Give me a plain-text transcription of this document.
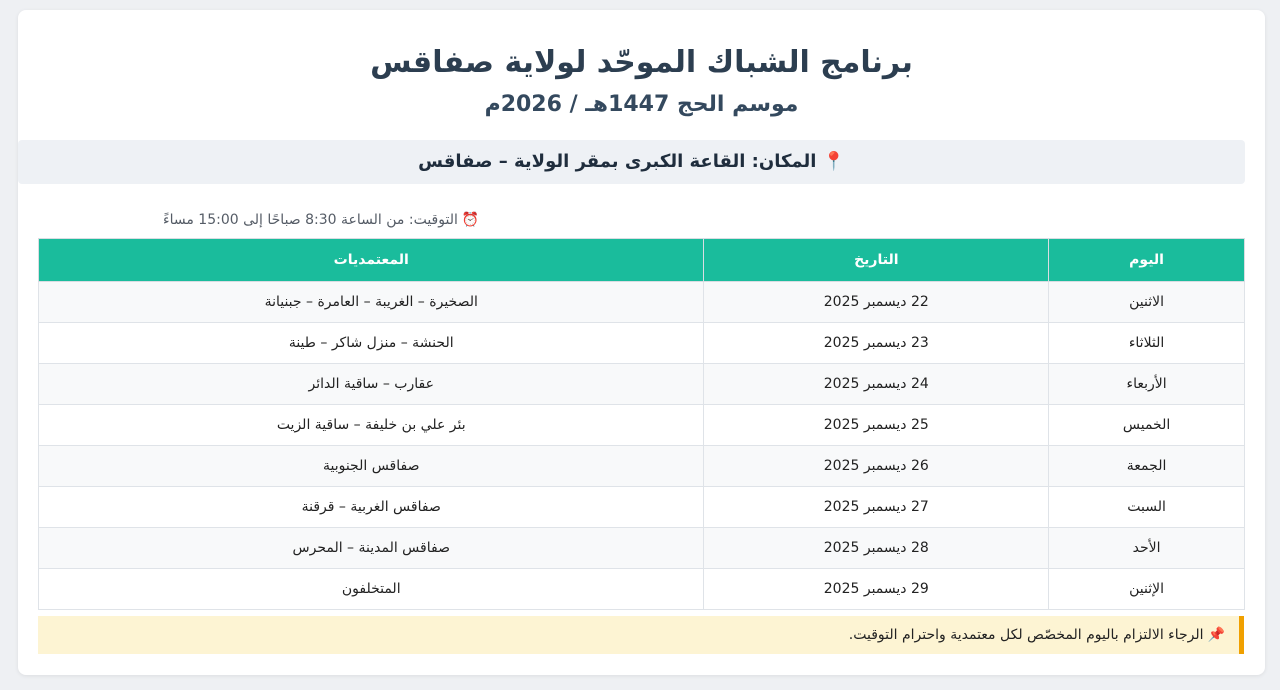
برنامج الشباك الموحّد لولاية صفاقس
موسم الحج 1447هـ / 2026م
📍المكان: القاعة الكبرى بمقر الولاية – صفاقس
⏰التوقيت: من الساعة 8:30 صباحًا إلى 15:00 مساءً
اليوم	التاريخ	المعتمديات
الاثنين	22 ديسمبر 2025	الصخيرة – الغريبة – العامرة – جبنيانة
الثلاثاء	23 ديسمبر 2025	الحنشة – منزل شاكر – طينة
الأربعاء	24 ديسمبر 2025	عقارب – ساقية الدائر
الخميس	25 ديسمبر 2025	بئر علي بن خليفة – ساقية الزيت
الجمعة	26 ديسمبر 2025	صفاقس الجنوبية
السبت	27 ديسمبر 2025	صفاقس الغربية – قرقنة
الأحد	28 ديسمبر 2025	صفاقس المدينة – المحرس
الإثنين	29 ديسمبر 2025	المتخلفون
📌الرجاء الالتزام باليوم المخصّص لكل معتمدية واحترام التوقيت.
